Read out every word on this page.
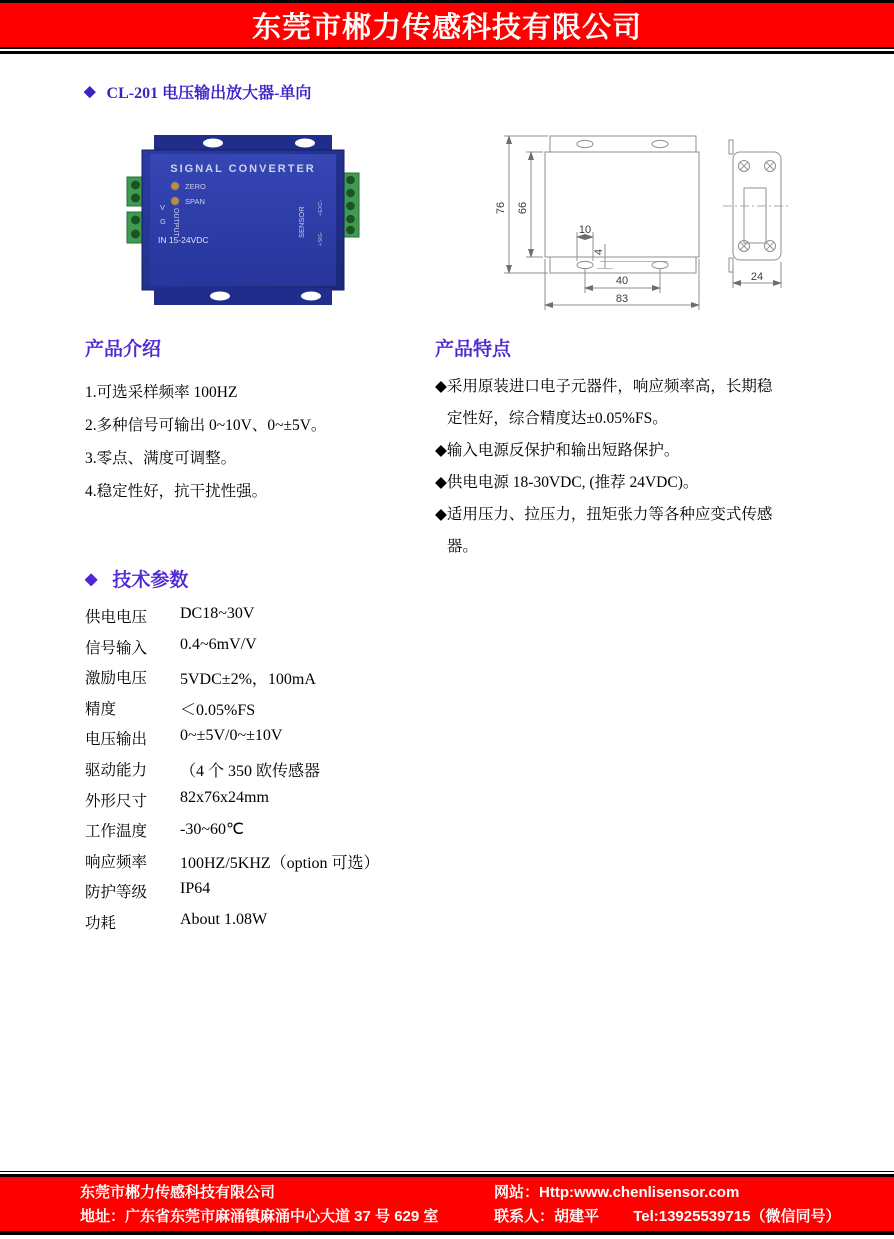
东莞市郴力传感科技有限公司
◆ CL-201 电压输出放大器-单向
SIGNAL CONVERTER
ZERO
SPAN
V
G OUTPUT
IN 15-24VDC
SENSOR +EXC-
+SIG-
76 66
10
4
40
83
24
产品介绍
1.可选采样频率 100HZ
2.多种信号可输出 0~10V、0~±5V。
3.零点、满度可调整。
4.稳定性好，抗干扰性强。
产品特点
◆ 采用原装进口电子元器件，响应频率高，长期稳定性好，综合精度达±0.05%FS。
◆ 输入电源反保护和输出短路保护。
◆ 供电电源 18-30VDC, (推荐 24VDC)。
◆ 适用压力、拉压力，扭矩张力等各种应变式传感器。
◆ 技术参数
供电电压	DC18~30V
信号输入	0.4~6mV/V
激励电压	5VDC±2%，100mA
精度	＜0.05%FS
电压输出	0~±5V/0~±10V
驱动能力	（4 个 350 欧传感器
外形尺寸	82x76x24mm
工作温度	-30~60℃
响应频率	100HZ/5KHZ（option 可选）
防护等级	IP64
功耗	About 1.08W
东莞市郴力传感科技有限公司
地址：广东省东莞市麻涌镇麻涌中心大道 37 号 629 室
网站：Http:www.chenlisensor.com
联系人：胡建平 Tel:13925539715（微信同号）
